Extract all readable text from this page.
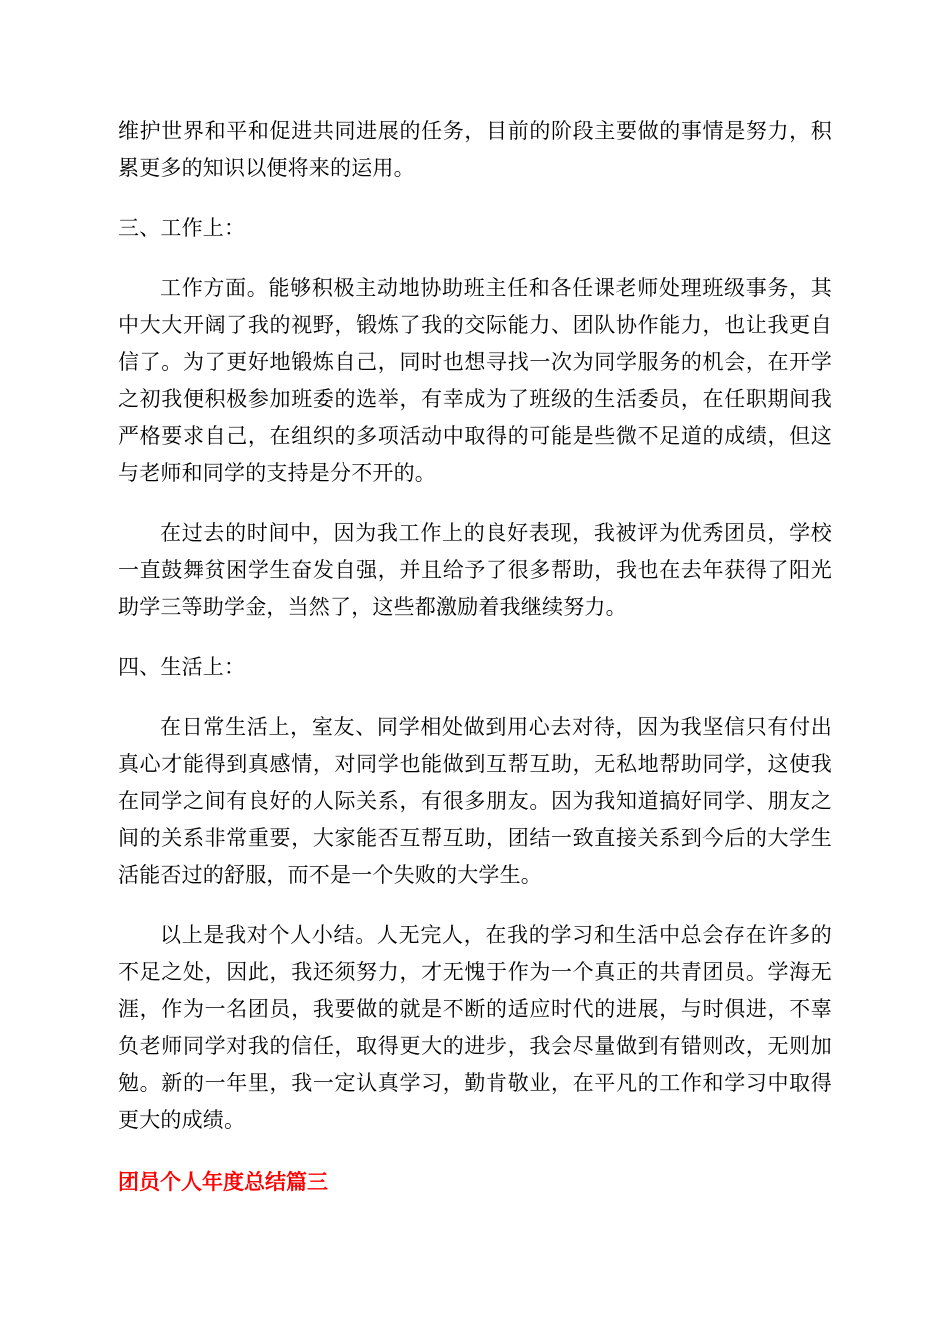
维护世界和平和促进共同进展的任务，目前的阶段主要做的事情是努力，积累更多的知识以便将来的运用。

三、工作上：

工作方面。能够积极主动地协助班主任和各任课老师处理班级事务，其中大大开阔了我的视野，锻炼了我的交际能力、团队协作能力，也让我更自信了。为了更好地锻炼自己，同时也想寻找一次为同学服务的机会，在开学之初我便积极参加班委的选举，有幸成为了班级的生活委员，在任职期间我严格要求自己，在组织的多项活动中取得的可能是些微不足道的成绩，但这与老师和同学的支持是分不开的。

在过去的时间中，因为我工作上的良好表现，我被评为优秀团员，学校一直鼓舞贫困学生奋发自强，并且给予了很多帮助，我也在去年获得了阳光助学三等助学金，当然了，这些都激励着我继续努力。

四、生活上：

在日常生活上，室友、同学相处做到用心去对待，因为我坚信只有付出真心才能得到真感情，对同学也能做到互帮互助，无私地帮助同学，这使我在同学之间有良好的人际关系，有很多朋友。因为我知道搞好同学、朋友之间的关系非常重要，大家能否互帮互助，团结一致直接关系到今后的大学生活能否过的舒服，而不是一个失败的大学生。

以上是我对个人小结。人无完人，在我的学习和生活中总会存在许多的不足之处，因此，我还须努力，才无愧于作为一个真正的共青团员。学海无涯，作为一名团员，我要做的就是不断的适应时代的进展，与时俱进，不辜负老师同学对我的信任，取得更大的进步，我会尽量做到有错则改，无则加勉。新的一年里，我一定认真学习，勤肯敬业，在平凡的工作和学习中取得更大的成绩。

团员个人年度总结篇三
